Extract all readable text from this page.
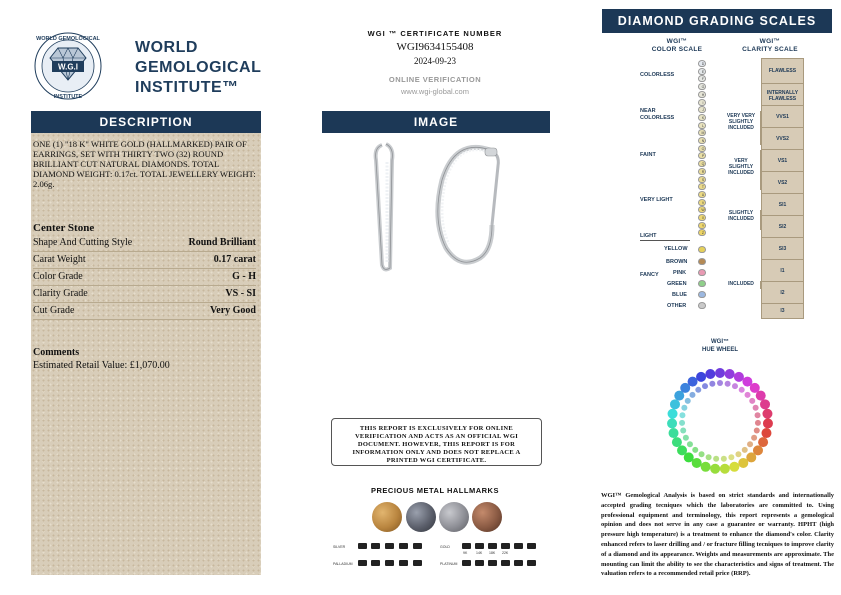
W.G.I
WORLD GEMOLOGICAL
INSTITUTE
WORLD
GEMOLOGICAL
INSTITUTE™
DESCRIPTION
ONE (1) "18 K" WHITE GOLD (HALLMARKED) PAIR OF EARRINGS, SET WITH THIRTY TWO (32) ROUND BRILLIANT CUT NATURAL DIAMONDS. TOTAL DIAMOND WEIGHT: 0.17ct. TOTAL JEWELLERY WEIGHT: 2.06g.
Center Stone
Shape And Cutting Style	Round Brilliant
Carat Weight	0.17 carat
Color Grade	G - H
Clarity Grade	VS - SI
Cut Grade	Very Good
Comments
Estimated Retail Value: £1,070.00
WGI ™ CERTIFICATE NUMBER
WGI9634155408
2024-09-23
ONLINE VERIFICATION
www.wgi-global.com
IMAGE
THIS REPORT IS EXCLUSIVELY FOR ONLINE VERIFICATION AND ACTS AS AN OFFICIAL WGI DOCUMENT. HOWEVER, THIS REPORT IS FOR INFORMATION ONLY AND DOES NOT REPLACE A PRINTED WGI CERTIFICATE.
PRECIOUS METAL HALLMARKS
SILVER
PALLADIUM
GOLD
PLATINUM
9K 14K 18K 22K
DIAMOND GRADING SCALES
WGI™
COLOR SCALE
WGI™
CLARITY SCALE
COLORLESS
NEAR COLORLESS
FAINT
VERY LIGHT
LIGHT
FANCY
D
E
F
G
H
I
J
K
L
M
N
O
P
Q
R
S
T
U
V
W
X
Y
Z
YELLOW
BROWN
PINK
GREEN
BLUE
OTHER
VERY VERY SLIGHTLY INCLUDED
VERY SLIGHTLY INCLUDED
SLIGHTLY INCLUDED
INCLUDED
FLAWLESS
INTERNALLY FLAWLESS
VVS1
VVS2
VS1
VS2
SI1
SI2
SI3
I1
I2
I3
WGI™
HUE WHEEL
WGI™ Gemological Analysis is based on strict standards and internationally accepted grading tecniques which the laboratories are committed to. Using professional equipment and terminology, this report represents a gemological opinion and does not serve in any case a guarantee or warranty. HPHT (high pressure high temperature) is a treatment to enhance the diamond's color. Clarity enhanced refers to laser drilling and / or fracture filling tecniques to improve clarity of a diamond and its appearance. Weights and measurements are approximate. The mounting can limit the ability to see the characteristics and signs of treatment. The valuation refers to a recommended retail price (RRP).
